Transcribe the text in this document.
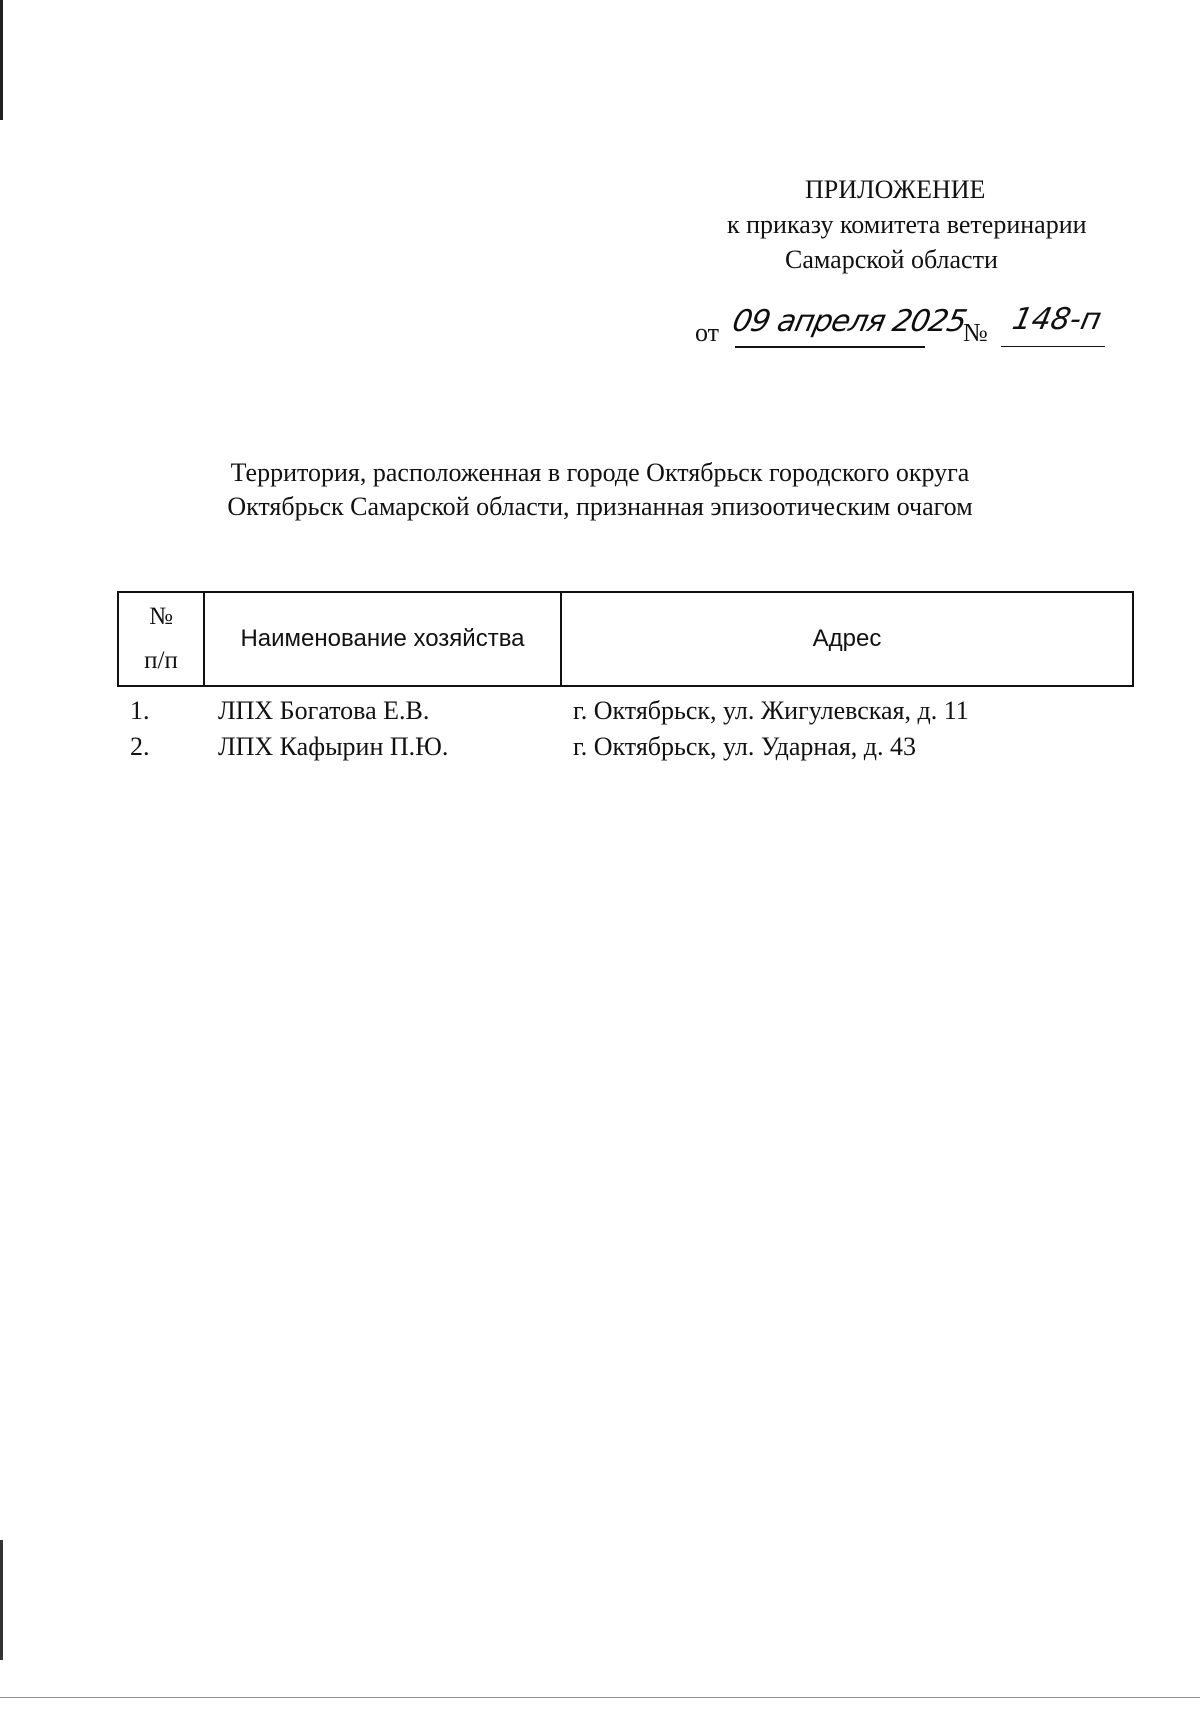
ПРИЛОЖЕНИЕ
к приказу комитета ветеринарии
Самарской области
от 09 апреля 2025
№ 148-п
Территория, расположенная в городе Октябрьск городского округа
Октябрьск Самарской области, признанная эпизоотическим очагом
№
п/п	Наименование хозяйства	Адрес
1.	ЛПХ Богатова Е.В.	г. Октябрьск, ул. Жигулевская, д. 11
2.	ЛПХ Кафырин П.Ю.	г. Октябрьск, ул. Ударная, д. 43
